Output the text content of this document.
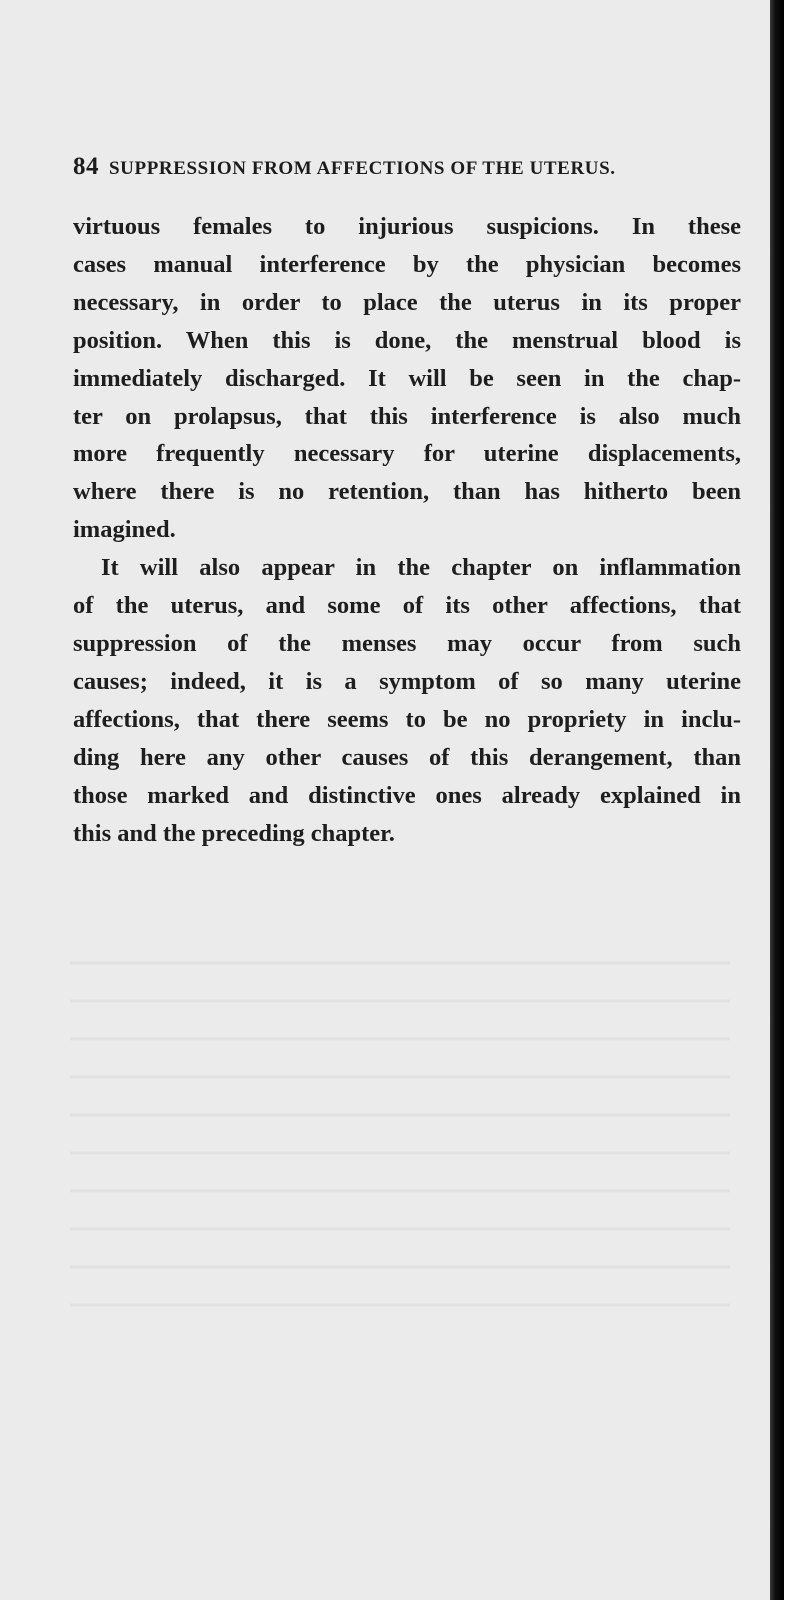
84 SUPPRESSION FROM AFFECTIONS OF THE UTERUS.
virtuous females to injurious suspicions. In these
cases manual interference by the physician becomes
necessary, in order to place the uterus in its proper
position. When this is done, the menstrual blood is
immediately discharged. It will be seen in the chap-
ter on prolapsus, that this interference is also much
more frequently necessary for uterine displacements,
where there is no retention, than has hitherto been
imagined.
It will also appear in the chapter on inflammation
of the uterus, and some of its other affections, that
suppression of the menses may occur from such
causes; indeed, it is a symptom of so many uterine
affections, that there seems to be no propriety in inclu-
ding here any other causes of this derangement, than
those marked and distinctive ones already explained in
this and the preceding chapter.
